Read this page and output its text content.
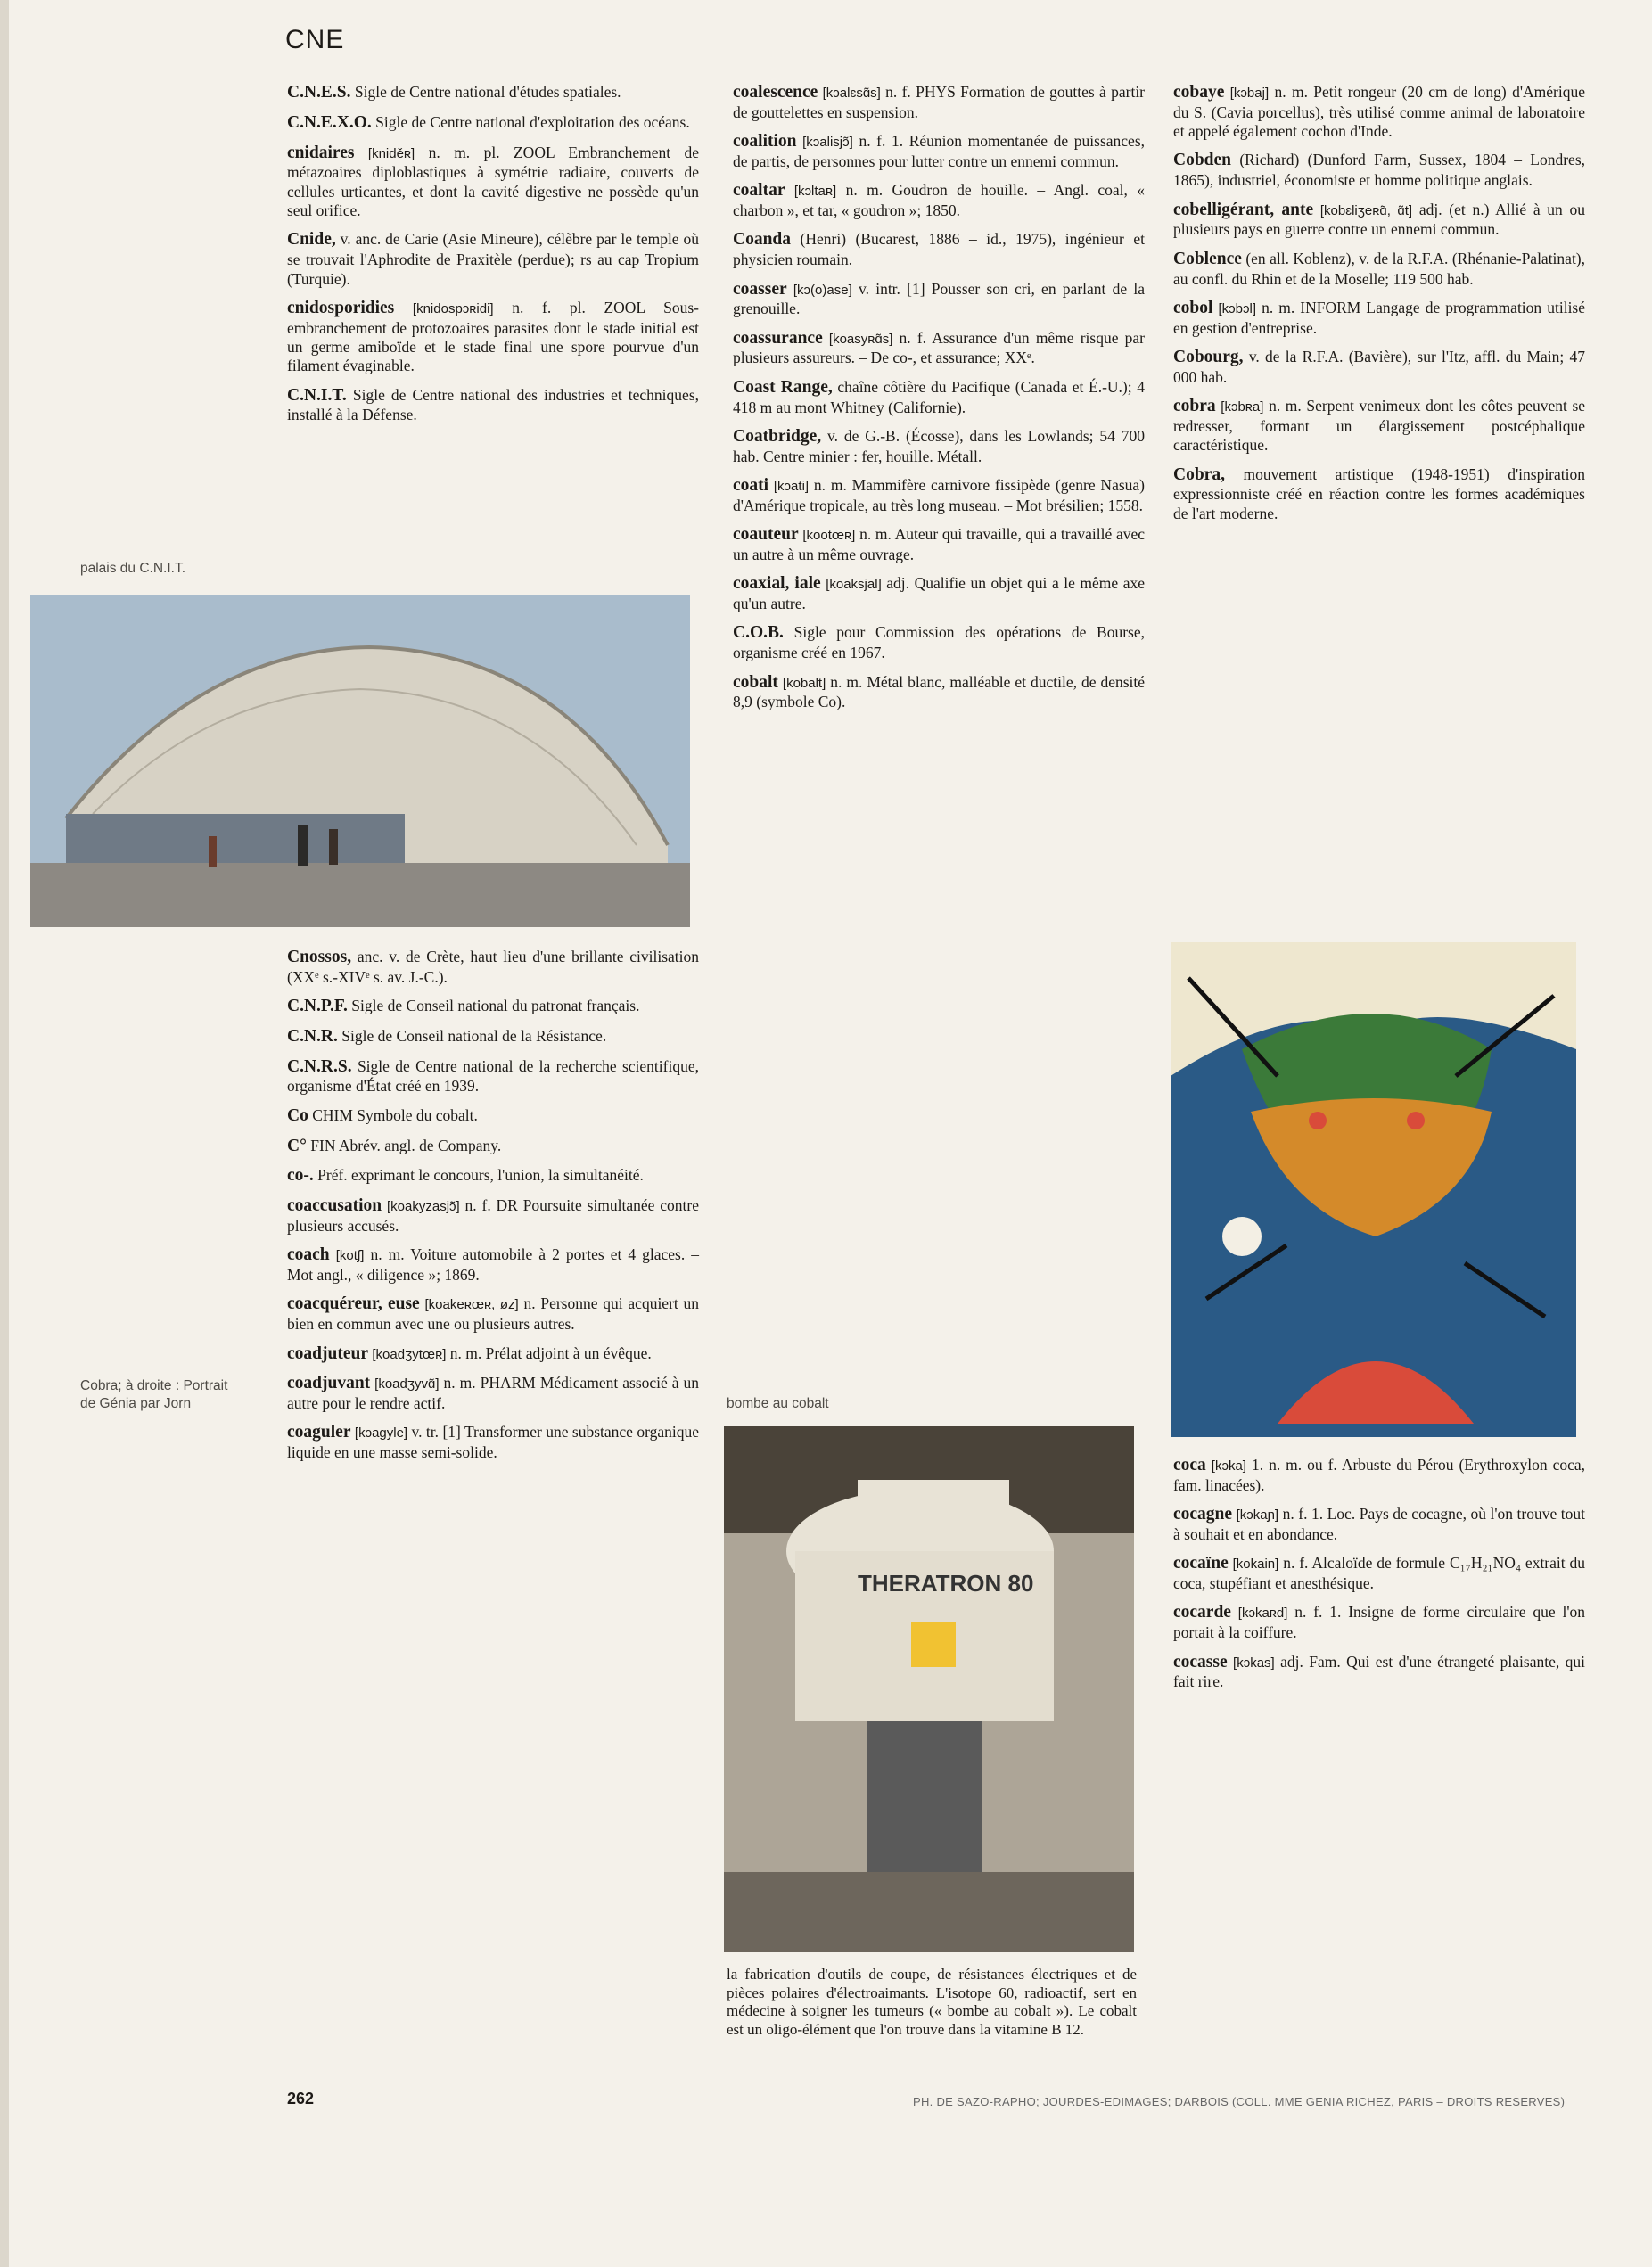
CNE

C.N.E.S. Sigle de Centre national d'études spatiales.

C.N.E.X.O. Sigle de Centre national d'exploitation des océans.

cnidaires [kniděʀ] n. m. pl. ZOOL Embranchement de métazoaires diploblastiques à symétrie radiaire, couverts de cellules urticantes, et dont la cavité digestive ne possède qu'un seul orifice.

Cnide, v. anc. de Carie (Asie Mineure), célèbre par le temple où se trouvait l'Aphrodite de Praxitèle (perdue); rs au cap Tropium (Turquie).

cnidosporidies [knidospɔʀidi] n. f. pl. ZOOL Sous-embranchement de protozoaires parasites dont le stade initial est un germe amiboïde et le stade final une spore pourvue d'un filament évaginable.

C.N.I.T. Sigle de Centre national des industries et techniques, installé à la Défense.

coalescence [kɔalɛsɑ̃s] n. f. PHYS Formation de gouttes à partir de gouttelettes en suspension.

coalition [kɔalisjɔ̃] n. f. 1. Réunion momentanée de puissances, de partis, de personnes pour lutter contre un ennemi commun.

coaltar [kɔltaʀ] n. m. Goudron de houille. – Angl. coal, « charbon », et tar, « goudron »; 1850.

Coanda (Henri) (Bucarest, 1886 – id., 1975), ingénieur et physicien roumain.

coasser [kɔ(o)ase] v. intr. [1] Pousser son cri, en parlant de la grenouille.

coassurance [koasyʀɑ̃s] n. f. Assurance d'un même risque par plusieurs assureurs. – De co-, et assurance; XXᵉ.

Coast Range, chaîne côtière du Pacifique (Canada et É.-U.); 4 418 m au mont Whitney (Californie).

Coatbridge, v. de G.-B. (Écosse), dans les Lowlands; 54 700 hab. Centre minier : fer, houille. Métall.

coati [kɔati] n. m. Mammifère carnivore fissipède (genre Nasua) d'Amérique tropicale, au très long museau. – Mot brésilien; 1558.

coauteur [kootœʀ] n. m. Auteur qui travaille, qui a travaillé avec un autre à un même ouvrage.

coaxial, iale [koaksjal] adj. Qualifie un objet qui a le même axe qu'un autre.

C.O.B. Sigle pour Commission des opérations de Bourse, organisme créé en 1967.

cobalt [kobalt] n. m. Métal blanc, malléable et ductile, de densité 8,9 (symbole Co).

cobaye [kɔbaj] n. m. Petit rongeur (20 cm de long) d'Amérique du S. (Cavia porcellus), très utilisé comme animal de laboratoire et appelé également cochon d'Inde.

Cobden (Richard) (Dunford Farm, Sussex, 1804 – Londres, 1865), industriel, économiste et homme politique anglais.

cobelligérant, ante [kobɛliʒeʀɑ̃, ɑ̃t] adj. (et n.) Allié à un ou plusieurs pays en guerre contre un ennemi commun.

Coblence (en all. Koblenz), v. de la R.F.A. (Rhénanie-Palatinat), au confl. du Rhin et de la Moselle; 119 500 hab.

cobol [kɔbɔl] n. m. INFORM Langage de programmation utilisé en gestion d'entreprise.

Cobourg, v. de la R.F.A. (Bavière), sur l'Itz, affl. du Main; 47 000 hab.

cobra [kɔbʀa] n. m. Serpent venimeux dont les côtes peuvent se redresser, formant un élargissement postcéphalique caractéristique.

Cobra, mouvement artistique (1948-1951) d'inspiration expressionniste créé en réaction contre les formes académiques de l'art moderne.

palais du C.N.I.T.

Cnossos, anc. v. de Crète, haut lieu d'une brillante civilisation (XXᵉ s.-XIVᵉ s. av. J.-C.).

C.N.P.F. Sigle de Conseil national du patronat français.

C.N.R. Sigle de Conseil national de la Résistance.

C.N.R.S. Sigle de Centre national de la recherche scientifique, organisme d'État créé en 1939.

Co CHIM Symbole du cobalt.

C° FIN Abrév. angl. de Company.

co-. Préf. exprimant le concours, l'union, la simultanéité.

coaccusation [koakyzasjɔ̃] n. f. DR Poursuite simultanée contre plusieurs accusés.

coach [kotʃ] n. m. Voiture automobile à 2 portes et 4 glaces. – Mot angl., « diligence »; 1869.

coacquéreur, euse [koakeʀœʀ, øz] n. Personne qui acquiert un bien en commun avec une ou plusieurs autres.

coadjuteur [koadʒytœʀ] n. m. Prélat adjoint à un évêque.

coadjuvant [koadʒyvɑ̃] n. m. PHARM Médicament associé à un autre pour le rendre actif.

coaguler [kɔagyle] v. tr. [1] Transformer une substance organique liquide en une masse semi-solide.

Cobra; à droite : Portrait de Génia par Jorn	bombe au cobalt
THERATRON 80
la fabrication d'outils de coupe, de résistances électriques et de pièces polaires d'électroaimants. L'isotope 60, radioactif, sert en médecine à soigner les tumeurs (« bombe au cobalt »). Le cobalt est un oligo-élément que l'on trouve dans la vitamine B 12.

coca [kɔka] 1. n. m. ou f. Arbuste du Pérou (Erythroxylon coca, fam. linacées).

cocagne [kɔkaɲ] n. f. 1. Loc. Pays de cocagne, où l'on trouve tout à souhait et en abondance.

cocaïne [kokain] n. f. Alcaloïde de formule C₁₇H₂₁NO₄ extrait du coca, stupéfiant et anesthésique.

cocarde [kɔkaʀd] n. f. 1. Insigne de forme circulaire que l'on portait à la coiffure.

cocasse [kɔkas] adj. Fam. Qui est d'une étrangeté plaisante, qui fait rire.

262	PH. DE SAZO-RAPHO; JOURDES-EDIMAGES; DARBOIS (COLL. MME GENIA RICHEZ, PARIS – DROITS RESERVES)
